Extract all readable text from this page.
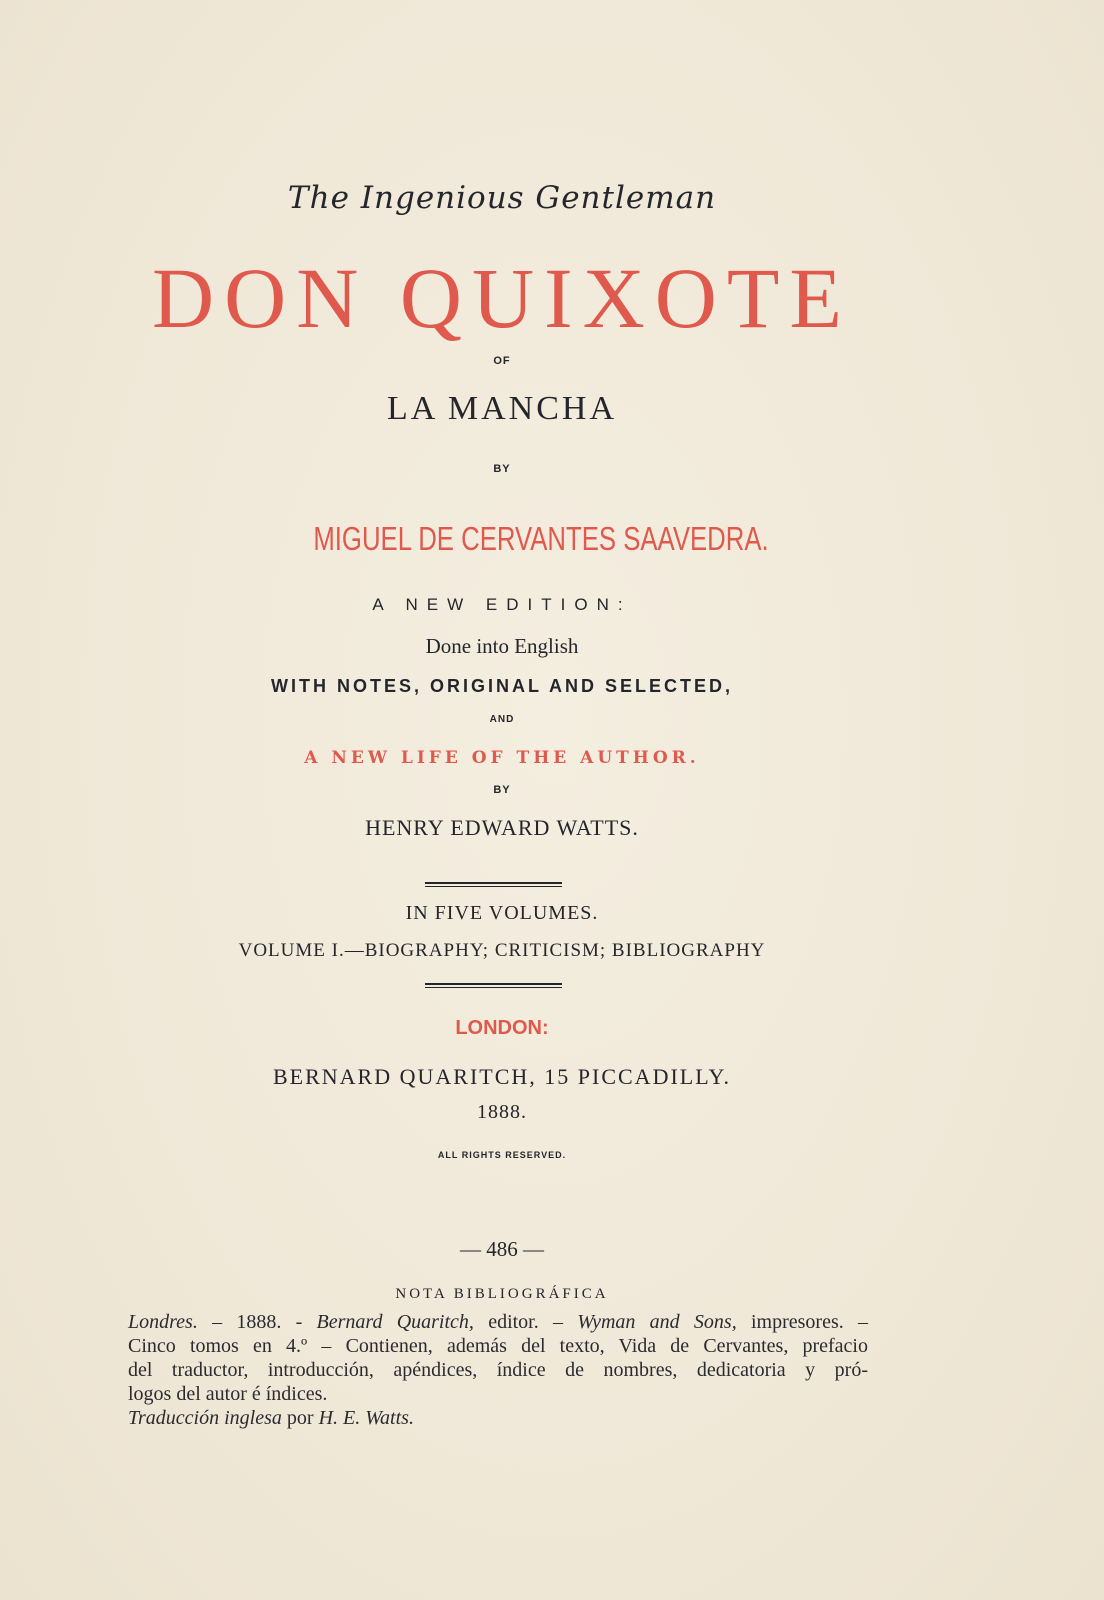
The Ingenious Gentleman
DON QUIXOTE
OF
LA MANCHA
BY
MIGUEL DE CERVANTES SAAVEDRA.
A NEW EDITION:
Done into English
WITH NOTES, ORIGINAL AND SELECTED,
AND
A NEW LIFE OF THE AUTHOR.
BY
HENRY EDWARD WATTS.
IN FIVE VOLUMES.
VOLUME I.—BIOGRAPHY; CRITICISM; BIBLIOGRAPHY
LONDON:
BERNARD QUARITCH, 15 PICCADILLY.
1888.
ALL RIGHTS RESERVED.
— 486 —
NOTA BIBLIOGRÁFICA
Londres. – 1888. - Bernard Quaritch, editor. – Wyman and Sons, impresores. –
Cinco tomos en 4.º – Contienen, además del texto, Vida de Cervantes, prefacio
del traductor, introducción, apéndices, índice de nombres, dedicatoria y pró-
logos del autor é índices.
Traducción inglesa por H. E. Watts.
